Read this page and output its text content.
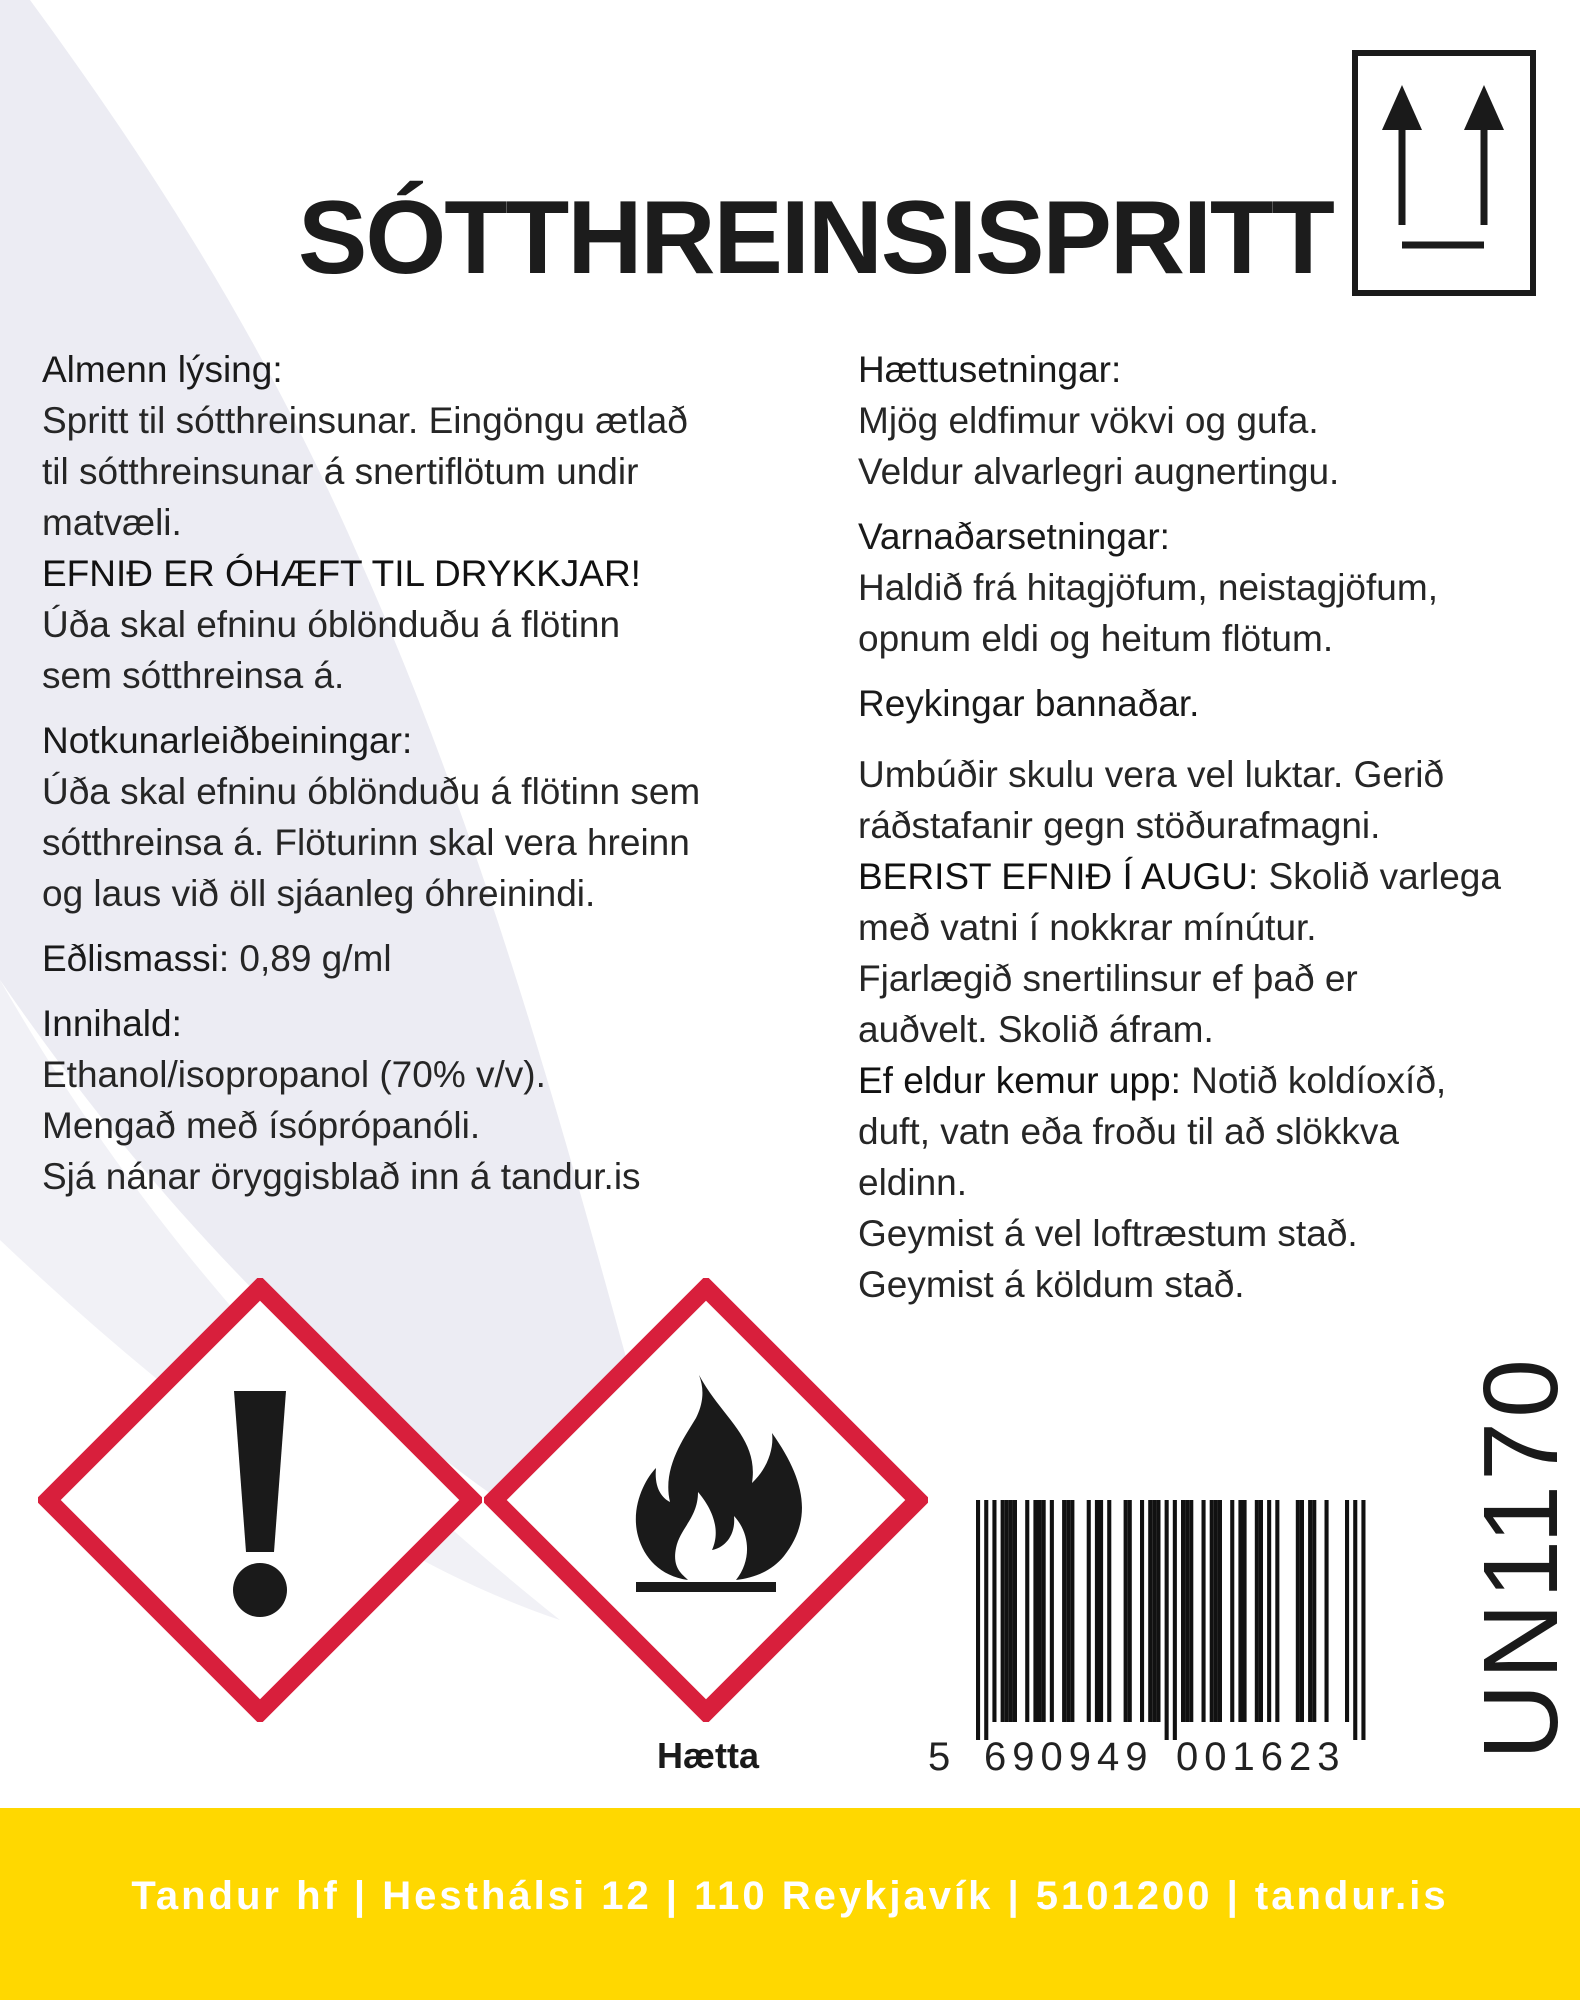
SÓTTHREINSISPRITT

Almenn lýsing:

Spritt til sótthreinsunar. Eingöngu ætlað

til sótthreinsunar á snertiflötum undir

matvæli.

EFNIÐ ER ÓHÆFT TIL DRYKKJAR!

Úða skal efninu óblönduðu á flötinn

sem sótthreinsa á.

Notkunarleiðbeiningar:

Úða skal efninu óblönduðu á flötinn sem

sótthreinsa á. Flöturinn skal vera hreinn

og laus við öll sjáanleg óhreinindi.

Eðlismassi: 0,89 g/ml

Innihald:

Ethanol/isopropanol (70% v/v).

Mengað með ísóprópanóli.

Sjá nánar öryggisblað inn á tandur.is

Hættusetningar:

Mjög eldfimur vökvi og gufa.

Veldur alvarlegri augnertingu.

Varnaðarsetningar:

Haldið frá hitagjöfum, neistagjöfum,

opnum eldi og heitum flötum.

Reykingar bannaðar.

Umbúðir skulu vera vel luktar. Gerið

ráðstafanir gegn stöðurafmagni.

BERIST EFNIÐ Í AUGU: Skolið varlega

með vatni í nokkrar mínútur.

Fjarlægið snertilinsur ef það er

auðvelt. Skolið áfram.

Ef eldur kemur upp: Notið koldíoxíð,

duft, vatn eða froðu til að slökkva

eldinn.

Geymist á vel loftræstum stað.

Geymist á köldum stað.

Hætta	5 690949 001623 UN1170
Tandur hf | Hesthálsi 12 | 110 Reykjavík | 5101200 | tandur.is
